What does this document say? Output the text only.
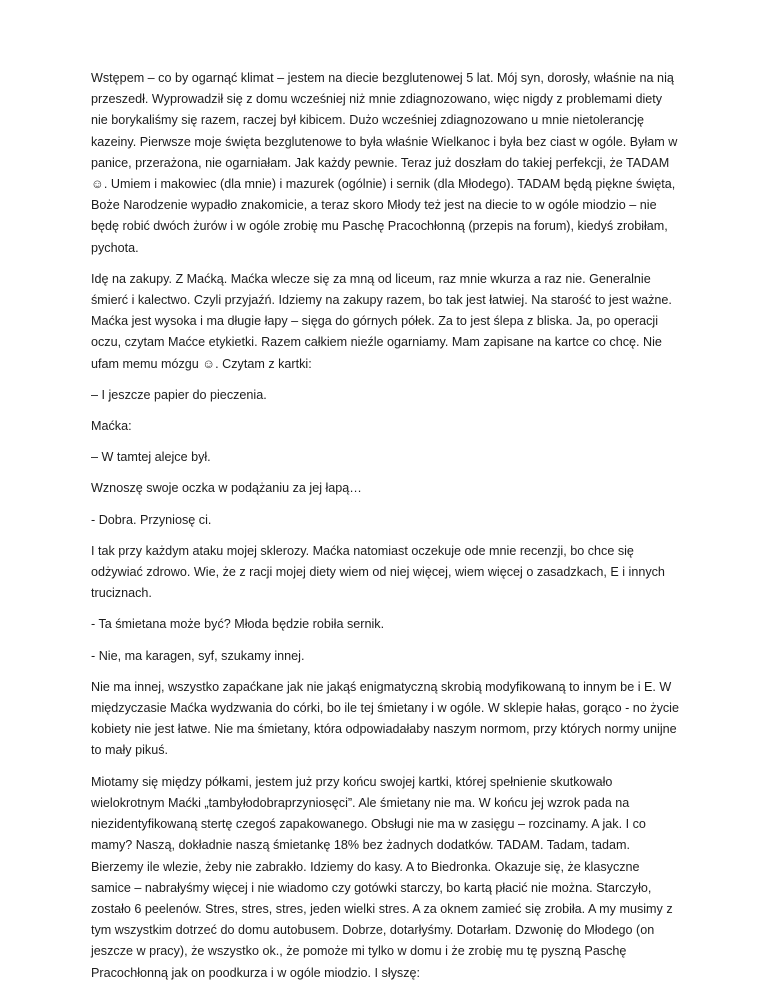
Wstępem – co by ogarnąć klimat – jestem na diecie bezglutenowej 5 lat. Mój syn, dorosły, właśnie na nią przeszedł. Wyprowadził się z domu wcześniej niż mnie zdiagnozowano, więc nigdy z problemami diety nie borykaliśmy się razem, raczej był kibicem. Dużo wcześniej zdiagnozowano u mnie nietolerancję kazeiny. Pierwsze moje święta bezglutenowe to była właśnie Wielkanoc i była bez ciast w ogóle. Byłam w panice, przerażona, nie ogarniałam. Jak każdy pewnie. Teraz już doszłam do takiej perfekcji, że TADAM ☺. Umiem i makowiec (dla mnie) i mazurek (ogólnie) i sernik (dla Młodego). TADAM będą piękne święta, Boże Narodzenie wypadło znakomicie, a teraz skoro Młody też jest na diecie to w ogóle miodzio – nie będę robić dwóch żurów i w ogóle zrobię mu Paschę Pracochłonną (przepis na forum), kiedyś zrobiłam, pychota.

Idę na zakupy. Z Maćką. Maćka wlecze się za mną od liceum, raz mnie wkurza a raz nie. Generalnie śmierć i kalectwo. Czyli przyjaźń. Idziemy na zakupy razem, bo tak jest łatwiej. Na starość to jest ważne. Maćka jest wysoka i ma długie łapy – sięga do górnych półek. Za to jest ślepa z bliska. Ja, po operacji oczu, czytam Maćce etykietki. Razem całkiem nieźle ogarniamy. Mam zapisane na kartce co chcę. Nie ufam memu mózgu ☺. Czytam z kartki:

– I jeszcze papier do pieczenia.

Maćka:

– W tamtej alejce był.

Wznoszę swoje oczka w podążaniu za jej łapą…

- Dobra. Przyniosę ci.

I tak przy każdym ataku mojej sklerozy. Maćka natomiast oczekuje ode mnie recenzji, bo chce się odżywiać zdrowo. Wie, że z racji mojej diety wiem od niej więcej, wiem więcej o zasadzkach, E i innych truciznach.

- Ta śmietana może być? Młoda będzie robiła sernik.

- Nie, ma karagen, syf, szukamy innej.

Nie ma innej, wszystko zapaćkane jak nie jakąś enigmatyczną skrobią modyfikowaną to innym be i E. W międzyczasie Maćka wydzwania do córki, bo ile tej śmietany i w ogóle. W sklepie hałas, gorąco - no życie kobiety nie jest łatwe. Nie ma śmietany, która odpowiadałaby naszym normom, przy których normy unijne to mały pikuś.

Miotamy się między półkami, jestem już przy końcu swojej kartki, której spełnienie skutkowało wielokrotnym Maćki „tambyłodobraprzyniosęci”. Ale śmietany nie ma. W końcu jej wzrok pada na niezidentyfikowaną stertę czegoś zapakowanego. Obsługi nie ma w zasięgu – rozcinamy. A jak. I co mamy? Naszą, dokładnie naszą śmietankę 18% bez żadnych dodatków. TADAM. Tadam, tadam. Bierzemy ile wlezie, żeby nie zabrakło. Idziemy do kasy. A to Biedronka. Okazuje się, że klasyczne samice – nabrałyśmy więcej i nie wiadomo czy gotówki starczy, bo kartą płacić nie można. Starczyło, zostało 6 peelenów. Stres, stres, stres, jeden wielki stres. A za oknem zamieć się zrobiła. A my musimy z tym wszystkim dotrzeć do domu autobusem. Dobrze, dotarłyśmy. Dotarłam. Dzwonię do Młodego (on jeszcze w pracy), że wszystko ok., że pomoże mi tylko w domu i że zrobię mu tę pyszną Paschę Pracochłonną jak on poodkurza i w ogóle miodzio. I słyszę:
